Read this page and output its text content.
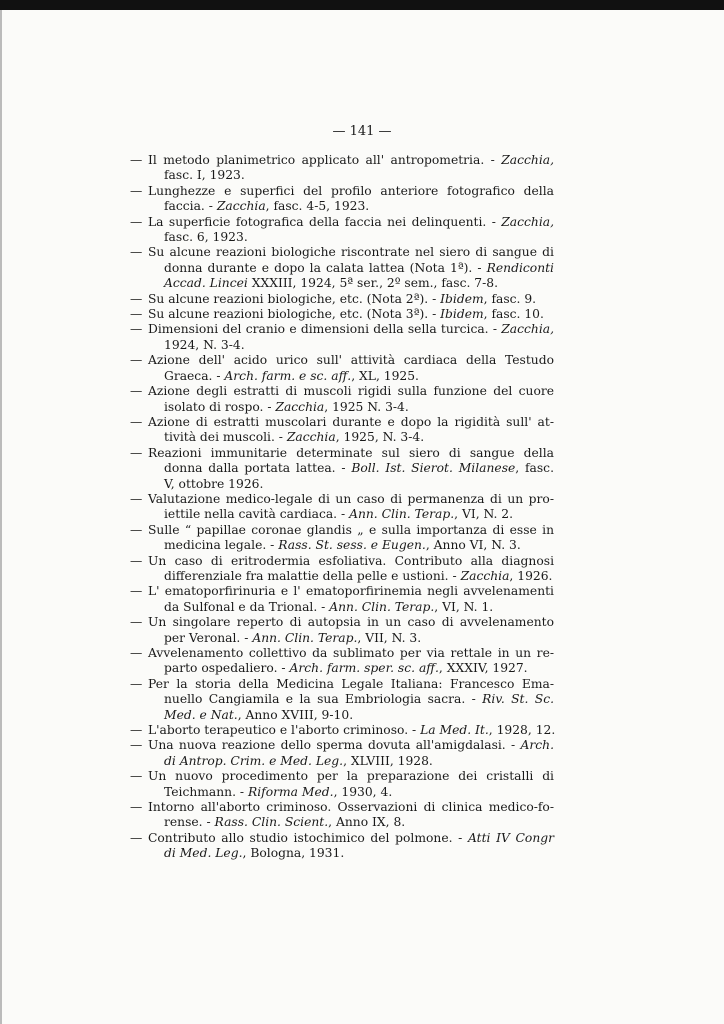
— 141 —
— Il metodo planimetrico applicato all' antropometria. - Zacchia,
fasc. I, 1923.
— Lunghezze e superfici del profilo anteriore fotografico della
faccia. - Zacchia, fasc. 4-5, 1923.
— La superficie fotografica della faccia nei delinquenti. - Zacchia,
fasc. 6, 1923.
— Su alcune reazioni biologiche riscontrate nel siero di sangue di
donna durante e dopo la calata lattea (Nota 1ª). - Rendiconti
Accad. Lincei XXXIII, 1924, 5ª ser., 2º sem., fasc. 7-8.
— Su alcune reazioni biologiche, etc. (Nota 2ª). - Ibidem, fasc. 9.
— Su alcune reazioni biologiche, etc. (Nota 3ª). - Ibidem, fasc. 10.
— Dimensioni del cranio e dimensioni della sella turcica. - Zacchia,
1924, N. 3-4.
— Azione dell' acido urico sull' attività cardiaca della Testudo
Graeca. - Arch. farm. e sc. aff., XL, 1925.
— Azione degli estratti di muscoli rigidi sulla funzione del cuore
isolato di rospo. - Zacchia, 1925 N. 3-4.
— Azione di estratti muscolari durante e dopo la rigidità sull' at-
tività dei muscoli. - Zacchia, 1925, N. 3-4.
— Reazioni immunitarie determinate sul siero di sangue della
donna dalla portata lattea. - Boll. Ist. Sierot. Milanese, fasc.
V, ottobre 1926.
— Valutazione medico-legale di un caso di permanenza di un pro-
iettile nella cavità cardiaca. - Ann. Clin. Terap., VI, N. 2.
— Sulle “ papillae coronae glandis „ e sulla importanza di esse in
medicina legale. - Rass. St. sess. e Eugen., Anno VI, N. 3.
— Un caso di eritrodermia esfoliativa. Contributo alla diagnosi
differenziale fra malattie della pelle e ustioni. - Zacchia, 1926.
— L' ematoporfirinuria e l' ematoporfirinemia negli avvelenamenti
da Sulfonal e da Trional. - Ann. Clin. Terap., VI, N. 1.
— Un singolare reperto di autopsia in un caso di avvelenamento
per Veronal. - Ann. Clin. Terap., VII, N. 3.
— Avvelenamento collettivo da sublimato per via rettale in un re-
parto ospedaliero. - Arch. farm. sper. sc. aff., XXXIV, 1927.
— Per la storia della Medicina Legale Italiana: Francesco Ema-
nuello Cangiamila e la sua Embriologia sacra. - Riv. St. Sc.
Med. e Nat., Anno XVIII, 9-10.
— L'aborto terapeutico e l'aborto criminoso. - La Med. It., 1928, 12.
— Una nuova reazione dello sperma dovuta all'amigdalasi. - Arch.
di Antrop. Crim. e Med. Leg., XLVIII, 1928.
— Un nuovo procedimento per la preparazione dei cristalli di
Teichmann. - Riforma Med., 1930, 4.
— Intorno all'aborto criminoso. Osservazioni di clinica medico-fo-
rense. - Rass. Clin. Scient., Anno IX, 8.
— Contributo allo studio istochimico del polmone. - Atti IV Congr
di Med. Leg., Bologna, 1931.
